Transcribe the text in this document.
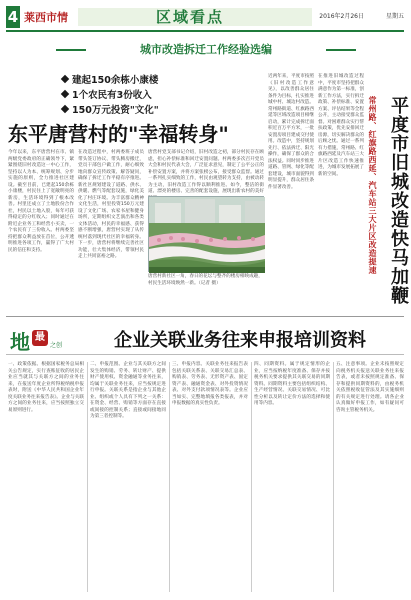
4 莱西市情	区域看点	2016年2月26日	星期五
城市改造拆迁工作经验选编
建起150余栋小康楼
1个农民有3份收入
150万元投资"文化"
东平唐营村的"幸福转身"
今年以来，东平唐营村在市、镇两级党委政府的正确领导下，紧紧围绕旧村改造这一中心工作，坚持以人为本、统筹规划、分步实施的原则，全力推进社区建设。截至目前，已建起150余栋小康楼，村民住上了宽敞明亮的新房，生活环境得到了根本改善。村里还成立了土地股份合作社，村民以土地入股，每年可获得稳定的分红收入；同时通过在附近企业务工和经营小买卖，一个农民有了三份收入。村两委坚持把群众利益放在首位，公开透明推进各项工作，赢得了广大村民的信任和支持。
在改造过程中，村两委班子成员带头签订协议、带头腾房搬迁，党员干部包户做工作，耐心细致地向群众宣传政策、解答疑问，确保了拆迁工作平稳有序推进。新社区规划建设了道路、供水、供暖、燃气等配套设施，绿化美化了村庄环境。为丰富群众精神文化生活，村里投资150万元建设了文化广场、农家书屋和健身场所，定期组织文艺演出和各类文体活动，村民的幸福感、获得感不断增强，唐营村实现了从传统村落到现代社区的幸福转身。下一步，唐营村将继续完善社区功能，壮大集体经济，带领村民走上共同富裕之路。
唐营村党支部书记介绍，旧村改造之初，部分村民存在顾虑，担心补偿标准和回迁安置问题。村两委多次召开党员大会和村民代表大会，广泛征求意见，制定了公平公正的补偿安置方案，并将方案张榜公布，接受群众监督。通过一系列扎实细致的工作，村民由观望转为支持，由被动转为主动，旧村改造工作得以顺利推进。如今，整洁的街道、漂亮的楼房、完善的配套设施，展现出新农村的美好
唐营村新社区一角，春日的花坛与整齐的楼房相映成趣，村民生活环境焕然一新。（记者 摄）
近两年来，平度市按照《旧村改造工作意见》，以改善群众居住条件为目标，扎实推进城中村、城边村改造。常州路街道、红旗路西延等区域改造项目相继启动，累计完成拆迁面积近百万平方米，一批安置房项目建成交付使用。改造中，坚持规划先行、依法拆迁、阳光操作，确保了群众的合法权益。同时同步推进道路、管网、绿化等配套建设，城市面貌得到明显提升，群众居住条件显著改善。
在推进旧城改造过程中，平度市坚持把群众满意作为第一标准，创新工作方法，实行拆迁政策、补偿标准、安置方案、评估结果等全程公开，主动接受群众监督。对困难群众实行帮扶政策，优先安排回迁房源，切实解决群众的后顾之忧。通过一系列有力措施，常州路、红旗路西延及汽车站三大片区改造工作快速推进，为城市发展拓展了新的空间。	平度市旧城改造快马加鞭
常州路、红旗路西延、汽车站三大片区改造提速
地 最
之创	企业关联业务往来申报培训资料
一、政策依据。根据国家税务总局相关公告规定，实行查账征收的居民企业应当就其与关联方之间的业务往来，在报送年度企业所得税纳税申报表时，附送《中华人民共和国企业年度关联业务往来报告表》。企业与关联方之间的业务往来，应当按照独立交易原则进行。
二、申报范围。企业与其关联方之间发生的购销、劳务、转让财产、提供财产使用权、资金融通等业务往来，均属于关联业务往来，应当按规定进行申报。关联关系是指企业与其他企业、组织或个人具有下列之一关系：在资金、经营、购销等方面存在直接或间接的控制关系；直接或间接地同为第三者控制等。
三、申报内容。关联业务往来报告表包括关联关系表、关联交易汇总表、购销表、劳务表、无形资产表、固定资产表、融通资金表、对外投资情况表、对外支付款项情况表等。企业应当如实、完整地填报各类报表，并对申报数据的真实性负责。
四、同期资料。属于规定情形的企业，应当按纳税年度准备、保存并按税务机关要求提供其关联交易的同期资料。同期资料主要包括组织结构、生产经营情况、关联交易情况、可比性分析以及转让定价方法的选择和使用等内容。
五、注意事项。企业未按照规定向税务机关报送关联业务往来报告表，或者未按照规定准备、保存和提供同期资料的，由税务机关依照税收征管法及其实施细则的有关规定进行处理。请各企业认真做好申报工作，如有疑问可咨询主管税务机关。
